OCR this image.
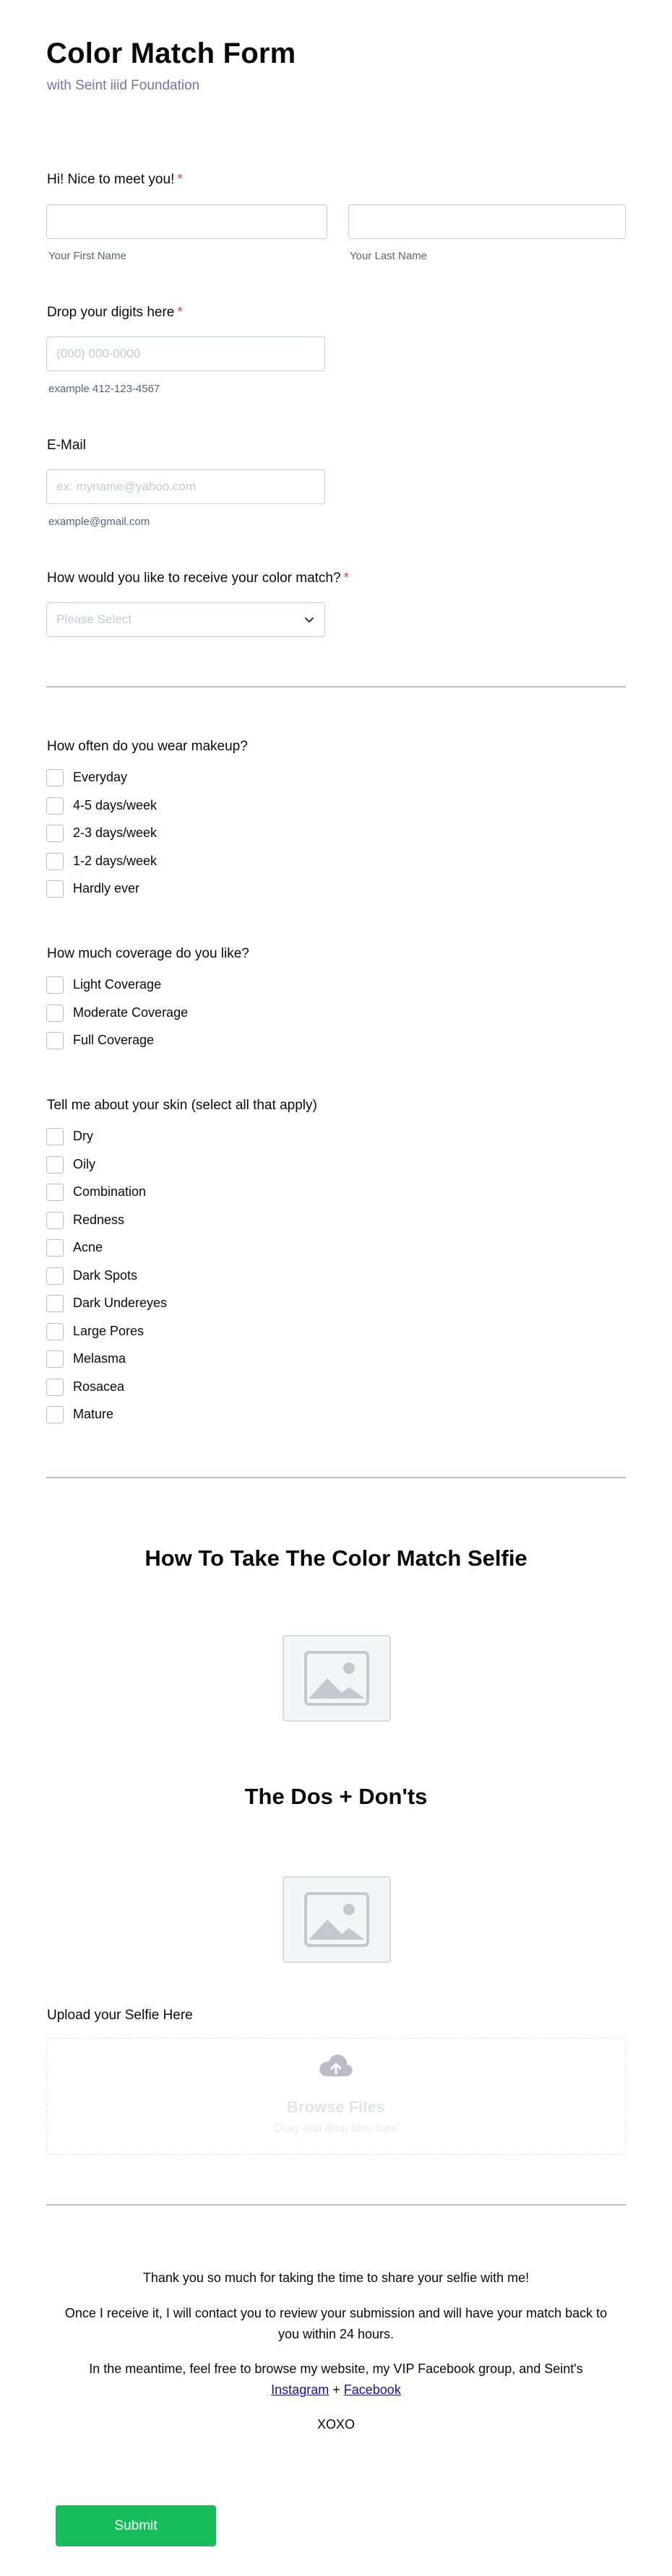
Color Match Form
with Seint iiid Foundation
Hi! Nice to meet you! *
Your First Name	Your Last Name
Drop your digits here *
(000) 000-0000
example 412-123-4567
E-Mail
ex: myname@yahoo.com
example@gmail.com
How would you like to receive your color match? *
Please Select
How often do you wear makeup?
Everyday
4-5 days/week
2-3 days/week
1-2 days/week
Hardly ever
How much coverage do you like?
Light Coverage
Moderate Coverage
Full Coverage
Tell me about your skin (select all that apply)
Dry
Oily
Combination
Redness
Acne
Dark Spots
Dark Undereyes
Large Pores
Melasma
Rosacea
Mature
How To Take The Color Match Selfie
The Dos + Don'ts
Upload your Selfie Here
Browse Files
Drag and drop files here
Thank you so much for taking the time to share your selfie with me!
Once I receive it, I will contact you to review your submission and will have your match back to you within 24 hours.
In the meantime, feel free to browse my website, my VIP Facebook group, and Seint's
Instagram + Facebook
XOXO
Submit
